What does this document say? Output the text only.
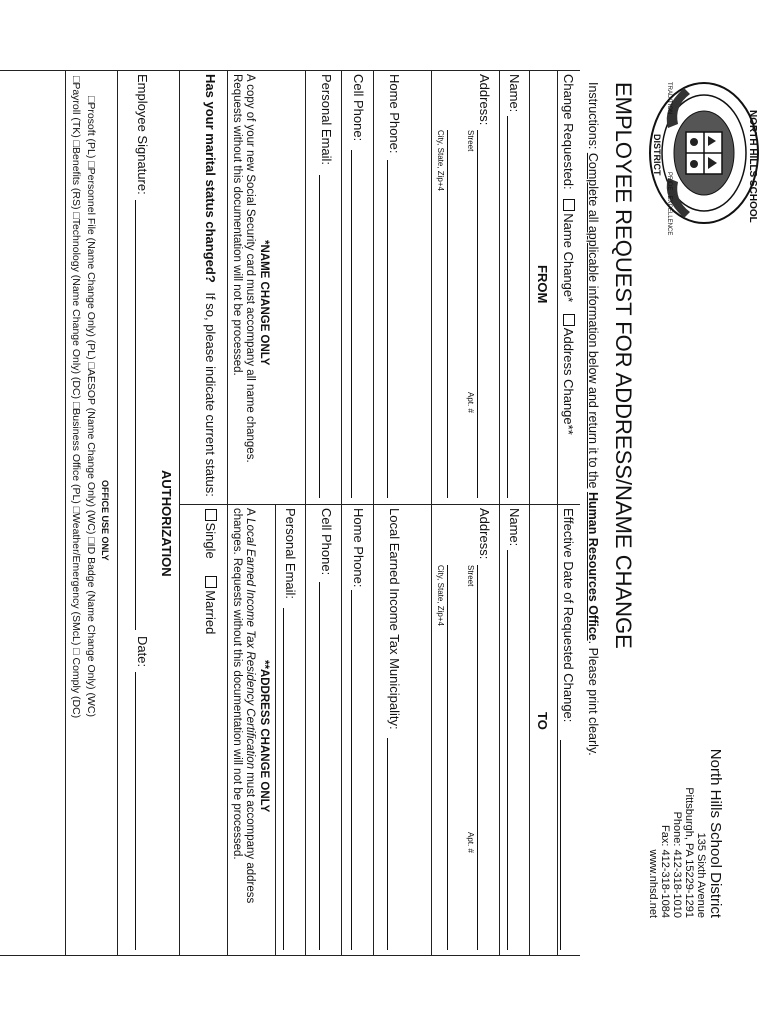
NORTH HILLS SCHOOL
DISTRICT
TRADITION
PRIDE · EXCELLENCE
EMPLOYEE REQUEST FOR ADDRESS/NAME CHANGE
Instructions: Complete all applicable information below and return it to the Human Resources Office. Please print clearly.
North Hills School District
135 Sixth Avenue
Pittsburgh, PA 15229-1291
Phone: 412-318-1010
Fax: 412-318-1084
www.nhsd.net
Change Requested: Name Change* Address Change**
Effective Date of Requested Change:
FROM
TO
Name:
Address:
Street
Apt. #
City, State, Zip+4
Home Phone:
Cell Phone:
Personal Email:
*NAME CHANGE ONLY
A copy of your new Social Security card must accompany all name changes. Requests without this documentation will not be processed.
Name:
Address:
Street
Apt. #
City, State, Zip+4
Local Earned Income Tax Municipality:
Home Phone:
Cell Phone:
Personal Email:
**ADDRESS CHANGE ONLY
A Local Earned Income Tax Residency Certification must accompany address changes. Requests without this documentation will not be processed.
Has your marital status changed? If so, please indicate current status: Single Married
AUTHORIZATION
Employee Signature:
Date:
OFFICE USE ONLY
□Prosoft (PL) □Personnel File (Name Change Only) (PL) □AESOP (Name Change Only) (WC) □ID Badge (Name Change Only) (WC)
□Payroll (TK) □Benefits (RS) □Technology (Name Change Only) (DC) □Business Office (PL) □Weather/Emergency (SMcL) □ Comply (DC)
